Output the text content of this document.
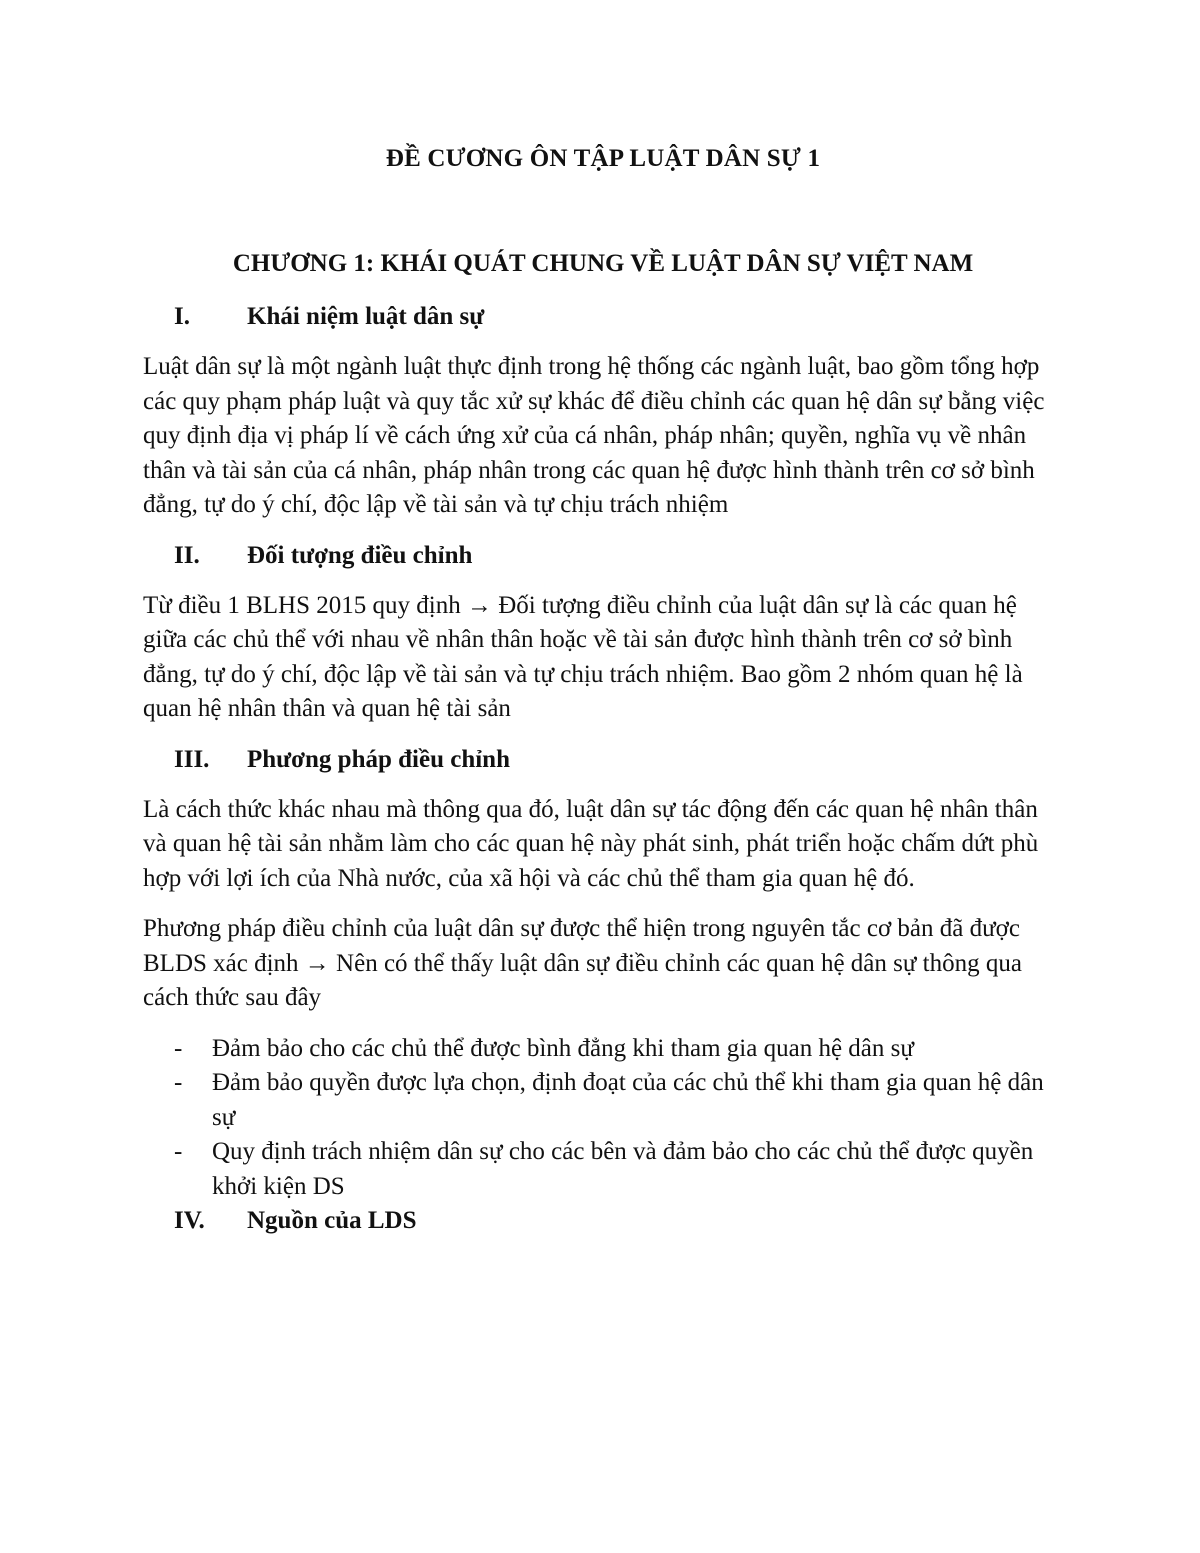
ĐỀ CƯƠNG ÔN TẬP LUẬT DÂN SỰ 1
CHƯƠNG 1: KHÁI QUÁT CHUNG VỀ LUẬT DÂN SỰ VIỆT NAM
I.	Khái niệm luật dân sự

Luật dân sự là một ngành luật thực định trong hệ thống các ngành luật, bao gồm tổng hợp các quy phạm pháp luật và quy tắc xử sự khác để điều chỉnh các quan hệ dân sự bằng việc quy định địa vị pháp lí về cách ứng xử của cá nhân, pháp nhân; quyền, nghĩa vụ về nhân thân và tài sản của cá nhân, pháp nhân trong các quan hệ được hình thành trên cơ sở bình đẳng, tự do ý chí, độc lập về tài sản và tự chịu trách nhiệm

II.	Đối tượng điều chỉnh

Từ điều 1 BLHS 2015 quy định → Đối tượng điều chỉnh của luật dân sự là các quan hệ giữa các chủ thể với nhau về nhân thân hoặc về tài sản được hình thành trên cơ sở bình đẳng, tự do ý chí, độc lập về tài sản và tự chịu trách nhiệm. Bao gồm 2 nhóm quan hệ là quan hệ nhân thân và quan hệ tài sản

III.	Phương pháp điều chỉnh

Là cách thức khác nhau mà thông qua đó, luật dân sự tác động đến các quan hệ nhân thân và quan hệ tài sản nhằm làm cho các quan hệ này phát sinh, phát triển hoặc chấm dứt phù hợp với lợi ích của Nhà nước, của xã hội và các chủ thể tham gia quan hệ đó.

Phương pháp điều chỉnh của luật dân sự được thể hiện trong nguyên tắc cơ bản đã được BLDS xác định → Nên có thể thấy luật dân sự điều chỉnh các quan hệ dân sự thông qua cách thức sau đây

-	Đảm bảo cho các chủ thể được bình đẳng khi tham gia quan hệ dân sự
-	Đảm bảo quyền được lựa chọn, định đoạt của các chủ thể khi tham gia quan hệ dân sự
-	Quy định trách nhiệm dân sự cho các bên và đảm bảo cho các chủ thể được quyền khởi kiện DS
IV.	Nguồn của LDS
